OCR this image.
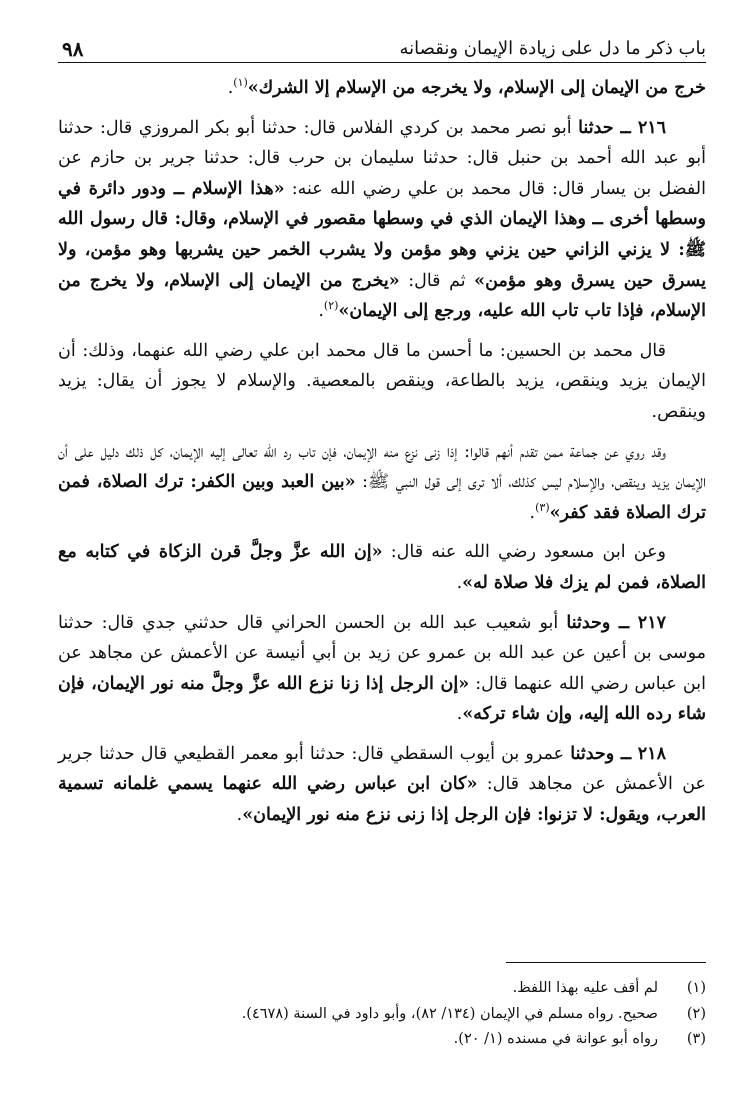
باب ذكر ما دل على زيادة الإيمان ونقصانه
٩٨

خرج من الإيمان إلى الإسلام، ولا يخرجه من الإسلام إلا الشرك»$^{(١)}$.

٢١٦ ــ حدثنا أبو نصر محمد بن كردي الفلاس قال: حدثنا أبو بكر المروزي قال: حدثنا أبو عبد الله أحمد بن حنبل قال: حدثنا سليمان بن حرب قال: حدثنا جرير بن حازم عن الفضل بن يسار قال: قال محمد بن علي رضي الله عنه: «هذا الإسلام ــ ودور دائرة في وسطها أخرى ــ وهذا الإيمان الذي في وسطها مقصور في الإسلام، وقال: قال رسول الله ﷺ: لا يزني الزاني حين يزني وهو مؤمن ولا يشرب الخمر حين يشربها وهو مؤمن، ولا يسرق حين يسرق وهو مؤمن» ثم قال: «يخرج من الإيمان إلى الإسلام، ولا يخرج من الإسلام، فإذا تاب تاب الله عليه، ورجع إلى الإيمان»$^{(٢)}$.

قال محمد بن الحسين: ما أحسن ما قال محمد ابن علي رضي الله عنهما، وذلك: أن الإيمان يزيد وينقص، يزيد بالطاعة، وينقص بالمعصية. والإسلام لا يجوز أن يقال: يزيد وينقص.

وقد روي عن جماعة ممن تقدم أنهم قالوا: إذا زنى نزع منه الإيمان، فإن تاب رد الله تعالى إليه الإيمان، كل ذلك دليل على أن الإيمان يزيد وينقص، والإسلام ليس كذلك، ألا ترى إلى قول النبي ﷺ: «بين العبد وبين الكفر: ترك الصلاة، فمن ترك الصلاة فقد كفر»$^{(٣)}$.

وعن ابن مسعود رضي الله عنه قال: «إن الله عزَّ وجلَّ قرن الزكاة في كتابه مع الصلاة، فمن لم يزك فلا صلاة له».

٢١٧ ــ وحدثنا أبو شعيب عبد الله بن الحسن الحراني قال حدثني جدي قال: حدثنا موسى بن أعين عن عبد الله بن عمرو عن زيد بن أبي أنيسة عن الأعمش عن مجاهد عن ابن عباس رضي الله عنهما قال: «إن الرجل إذا زنا نزع الله عزَّ وجلَّ منه نور الإيمان، فإن شاء رده الله إليه، وإن شاء تركه».

٢١٨ ــ وحدثنا عمرو بن أيوب السقطي قال: حدثنا أبو معمر القطيعي قال حدثنا جرير عن الأعمش عن مجاهد قال: «كان ابن عباس رضي الله عنهما يسمي غلمانه تسمية العرب، ويقول: لا تزنوا: فإن الرجل إذا زنى نزع منه نور الإيمان».

(١)
لم أقف عليه بهذا اللفظ.
(٢)
صحيح. رواه مسلم في الإيمان (١٣٤/ ٨٢)، وأبو داود في السنة (٤٦٧٨).
(٣)
رواه أبو عوانة في مسنده (١/ ٢٠).
